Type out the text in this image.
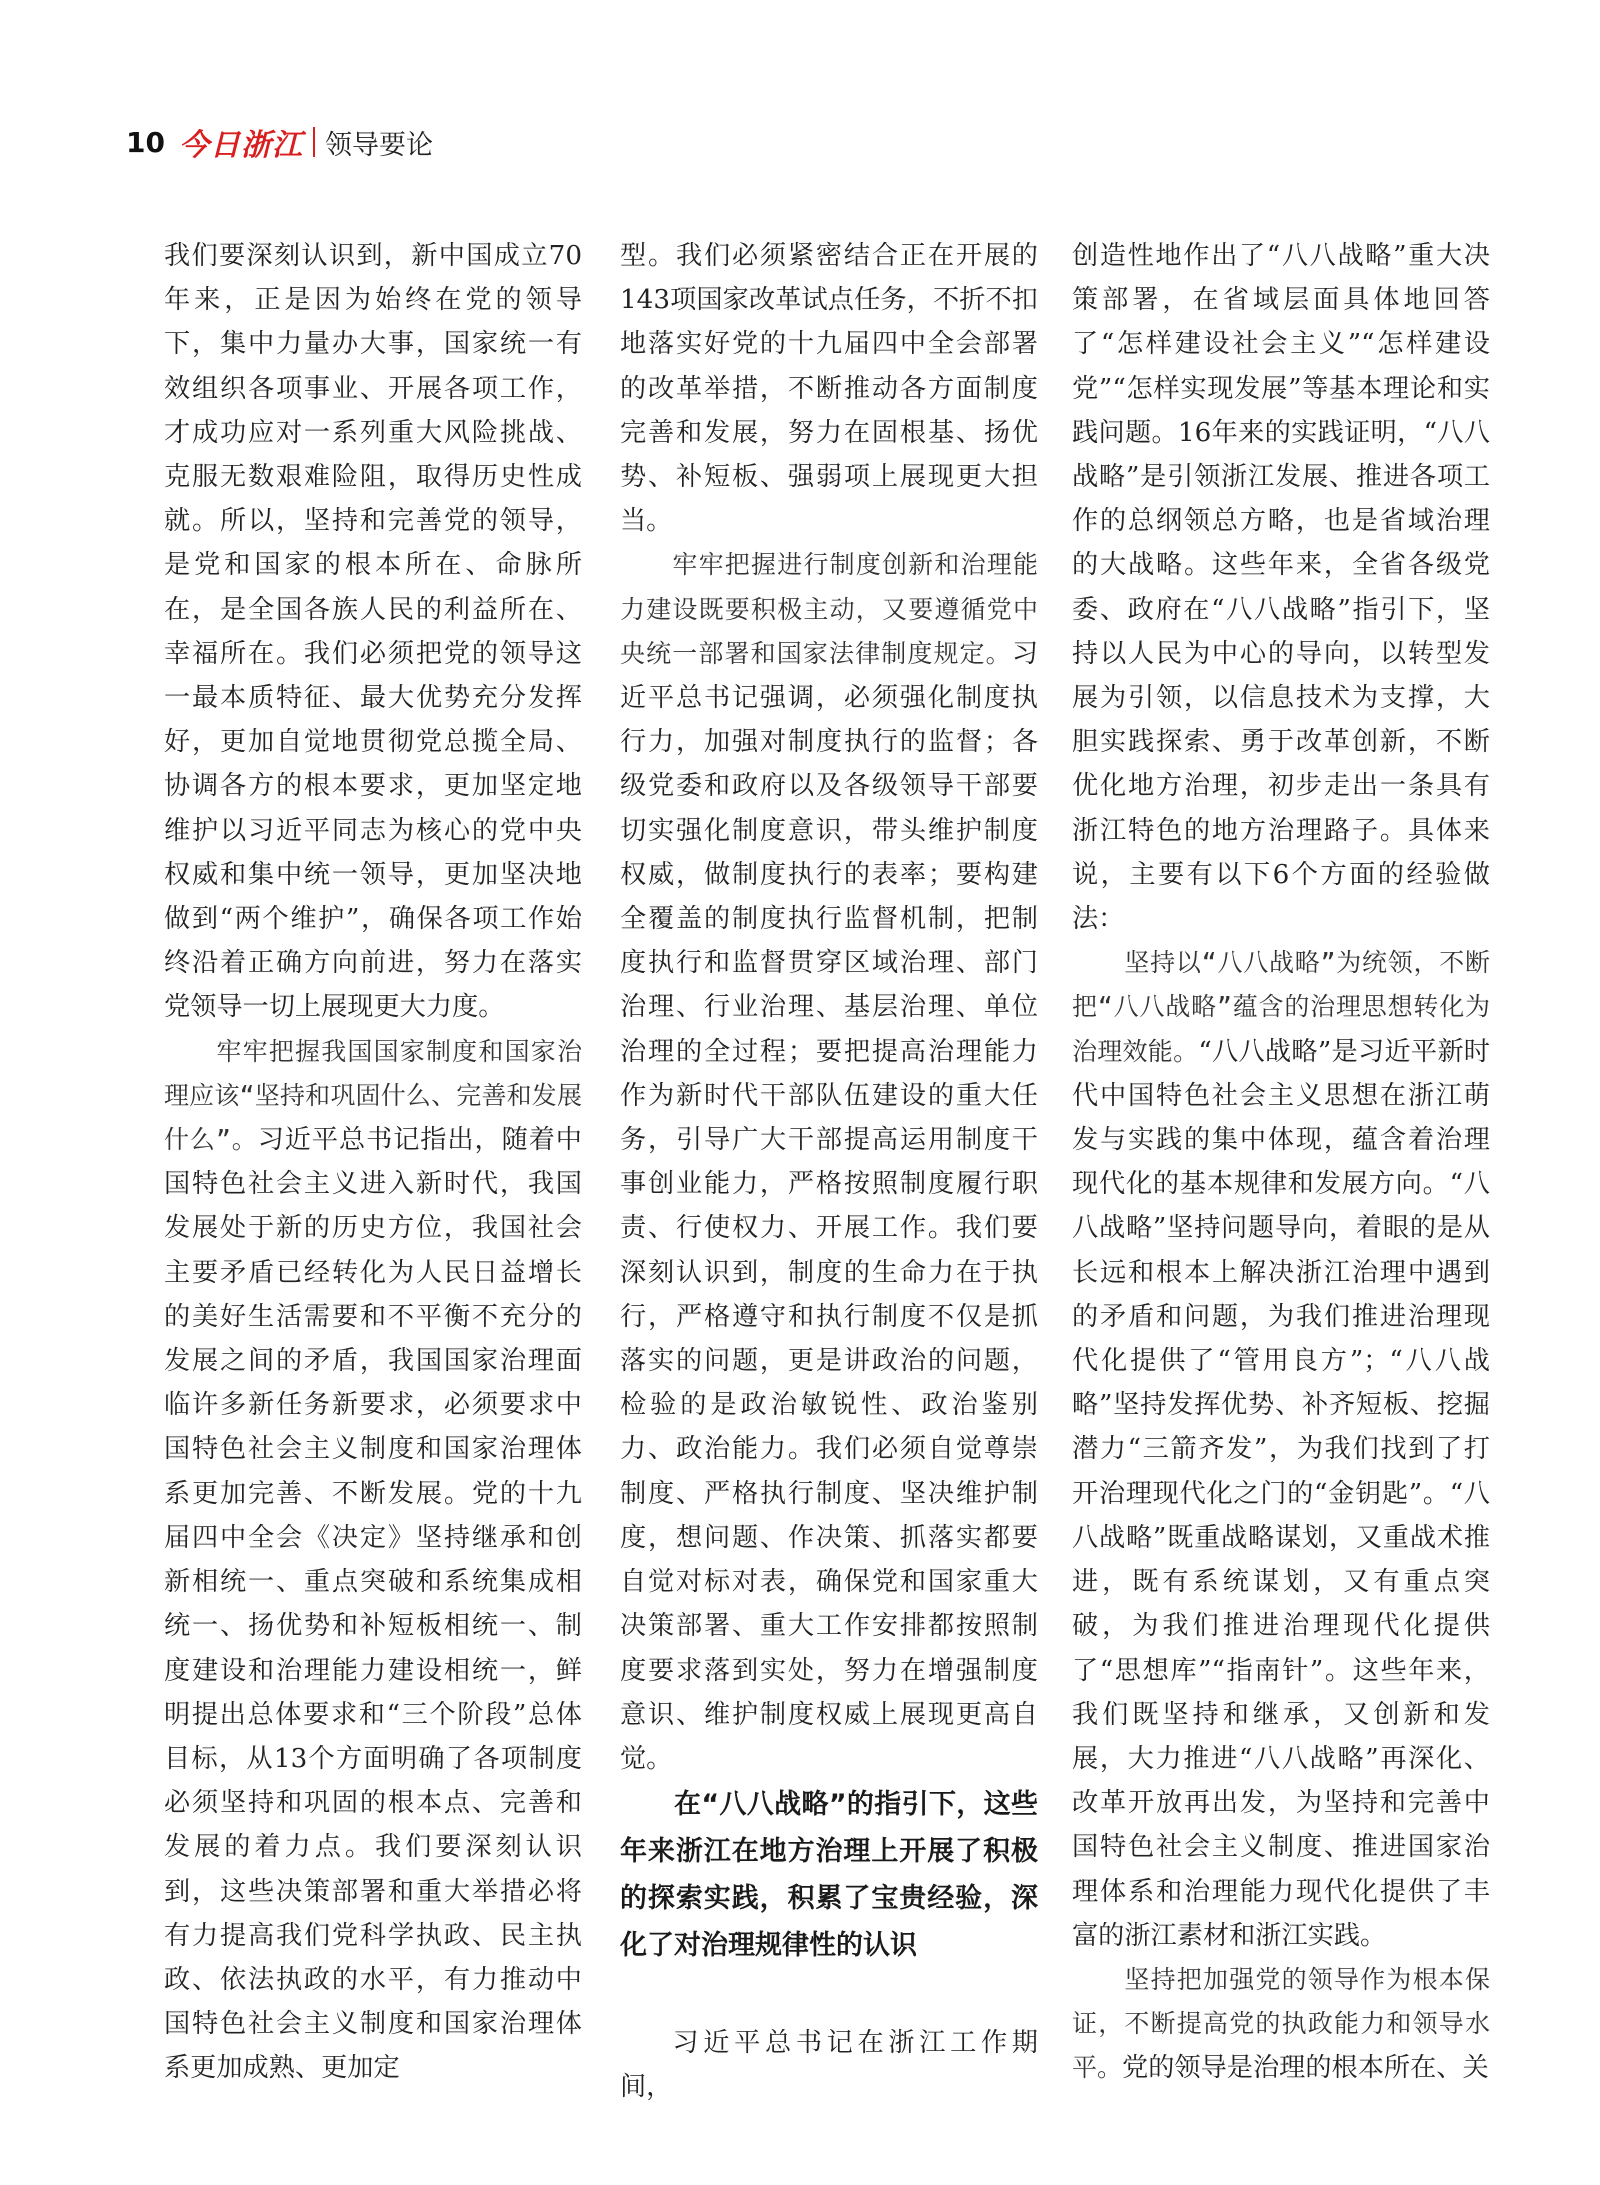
10 今日浙江 领导要论

我们要深刻认识到，新中国成立70年来，正是因为始终在党的领导下，集中力量办大事，国家统一有效组织各项事业、开展各项工作，才成功应对一系列重大风险挑战、克服无数艰难险阻，取得历史性成就。所以，坚持和完善党的领导，是党和国家的根本所在、命脉所在，是全国各族人民的利益所在、幸福所在。我们必须把党的领导这一最本质特征、最大优势充分发挥好，更加自觉地贯彻党总揽全局、协调各方的根本要求，更加坚定地维护以习近平同志为核心的党中央权威和集中统一领导，更加坚决地做到“两个维护”，确保各项工作始终沿着正确方向前进，努力在落实党领导一切上展现更大力度。

牢牢把握我国国家制度和国家治理应该“坚持和巩固什么、完善和发展什么”。习近平总书记指出，随着中国特色社会主义进入新时代，我国发展处于新的历史方位，我国社会主要矛盾已经转化为人民日益增长的美好生活需要和不平衡不充分的发展之间的矛盾，我国国家治理面临许多新任务新要求，必须要求中国特色社会主义制度和国家治理体系更加完善、不断发展。党的十九届四中全会《决定》坚持继承和创新相统一、重点突破和系统集成相统一、扬优势和补短板相统一、制度建设和治理能力建设相统一，鲜明提出总体要求和“三个阶段”总体目标，从13个方面明确了各项制度必须坚持和巩固的根本点、完善和发展的着力点。我们要深刻认识到，这些决策部署和重大举措必将有力提高我们党科学执政、民主执政、依法执政的水平，有力推动中国特色社会主义制度和国家治理体系更加成熟、更加定

型。我们必须紧密结合正在开展的143项国家改革试点任务，不折不扣地落实好党的十九届四中全会部署的改革举措，不断推动各方面制度完善和发展，努力在固根基、扬优势、补短板、强弱项上展现更大担当。

牢牢把握进行制度创新和治理能力建设既要积极主动，又要遵循党中央统一部署和国家法律制度规定。习近平总书记强调，必须强化制度执行力，加强对制度执行的监督；各级党委和政府以及各级领导干部要切实强化制度意识，带头维护制度权威，做制度执行的表率；要构建全覆盖的制度执行监督机制，把制度执行和监督贯穿区域治理、部门治理、行业治理、基层治理、单位治理的全过程；要把提高治理能力作为新时代干部队伍建设的重大任务，引导广大干部提高运用制度干事创业能力，严格按照制度履行职责、行使权力、开展工作。我们要深刻认识到，制度的生命力在于执行，严格遵守和执行制度不仅是抓落实的问题，更是讲政治的问题，检验的是政治敏锐性、政治鉴别力、政治能力。我们必须自觉尊崇制度、严格执行制度、坚决维护制度，想问题、作决策、抓落实都要自觉对标对表，确保党和国家重大决策部署、重大工作安排都按照制度要求落到实处，努力在增强制度意识、维护制度权威上展现更高自觉。

在“八八战略”的指引下，这些年来浙江在地方治理上开展了积极的探索实践，积累了宝贵经验，深化了对治理规律性的认识

习近平总书记在浙江工作期间，

创造性地作出了“八八战略”重大决策部署，在省域层面具体地回答了“怎样建设社会主义”“怎样建设党”“怎样实现发展”等基本理论和实践问题。16年来的实践证明，“八八战略”是引领浙江发展、推进各项工作的总纲领总方略，也是省域治理的大战略。这些年来，全省各级党委、政府在“八八战略”指引下，坚持以人民为中心的导向，以转型发展为引领，以信息技术为支撑，大胆实践探索、勇于改革创新，不断优化地方治理，初步走出一条具有浙江特色的地方治理路子。具体来说，主要有以下6个方面的经验做法：

坚持以“八八战略”为统领，不断把“八八战略”蕴含的治理思想转化为治理效能。“八八战略”是习近平新时代中国特色社会主义思想在浙江萌发与实践的集中体现，蕴含着治理现代化的基本规律和发展方向。“八八战略”坚持问题导向，着眼的是从长远和根本上解决浙江治理中遇到的矛盾和问题，为我们推进治理现代化提供了“管用良方”；“八八战略”坚持发挥优势、补齐短板、挖掘潜力“三箭齐发”，为我们找到了打开治理现代化之门的“金钥匙”。“八八战略”既重战略谋划，又重战术推进，既有系统谋划，又有重点突破，为我们推进治理现代化提供了“思想库”“指南针”。这些年来，我们既坚持和继承，又创新和发展，大力推进“八八战略”再深化、改革开放再出发，为坚持和完善中国特色社会主义制度、推进国家治理体系和治理能力现代化提供了丰富的浙江素材和浙江实践。

坚持把加强党的领导作为根本保证，不断提高党的执政能力和领导水平。党的领导是治理的根本所在、关
